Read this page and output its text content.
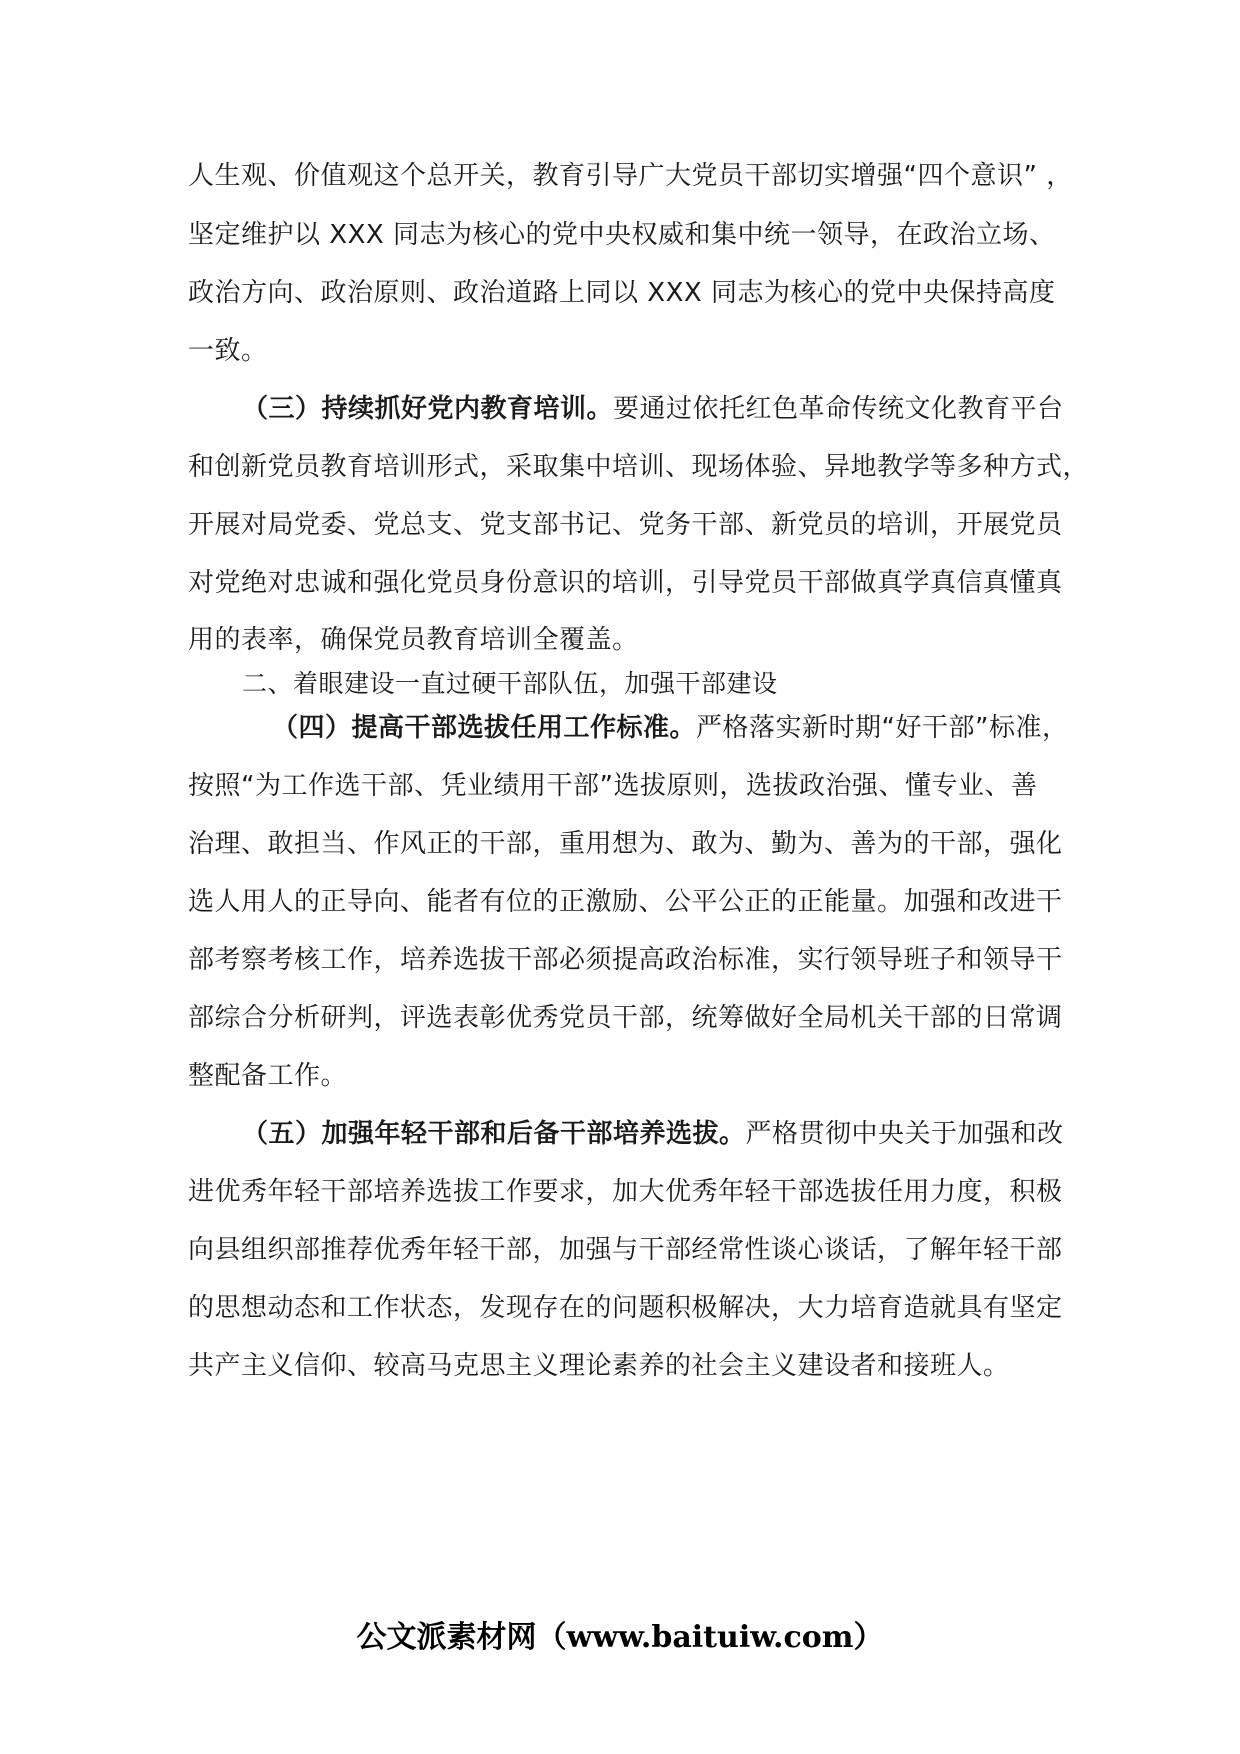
人生观、价值观这个总开关，教育引导广大党员干部切实增强“四个意识” ，
坚定维护以 XXX 同志为核心的党中央权威和集中统一领导，在政治立场、
政治方向、政治原则、政治道路上同以 XXX 同志为核心的党中央保持高度
一致。
（三）持续抓好党内教育培训。要通过依托红色革命传统文化教育平台
和创新党员教育培训形式，采取集中培训、现场体验、异地教学等多种方式，
开展对局党委、党总支、党支部书记、党务干部、新党员的培训，开展党员
对党绝对忠诚和强化党员身份意识的培训，引导党员干部做真学真信真懂真
用的表率，确保党员教育培训全覆盖。
二、着眼建设一直过硬干部队伍，加强干部建设
（四）提高干部选拔任用工作标准。严格落实新时期“好干部”标准，
按照“为工作选干部、凭业绩用干部”选拔原则，选拔政治强、懂专业、善
治理、敢担当、作风正的干部，重用想为、敢为、勤为、善为的干部，强化
选人用人的正导向、能者有位的正激励、公平公正的正能量。加强和改进干
部考察考核工作，培养选拔干部必须提高政治标准，实行领导班子和领导干
部综合分析研判，评选表彰优秀党员干部，统筹做好全局机关干部的日常调
整配备工作。
（五）加强年轻干部和后备干部培养选拔。严格贯彻中央关于加强和改
进优秀年轻干部培养选拔工作要求，加大优秀年轻干部选拔任用力度，积极
向县组织部推荐优秀年轻干部，加强与干部经常性谈心谈话，了解年轻干部
的思想动态和工作状态，发现存在的问题积极解决，大力培育造就具有坚定
共产主义信仰、较高马克思主义理论素养的社会主义建设者和接班人。
公文派素材网（www.baituiw.com）
